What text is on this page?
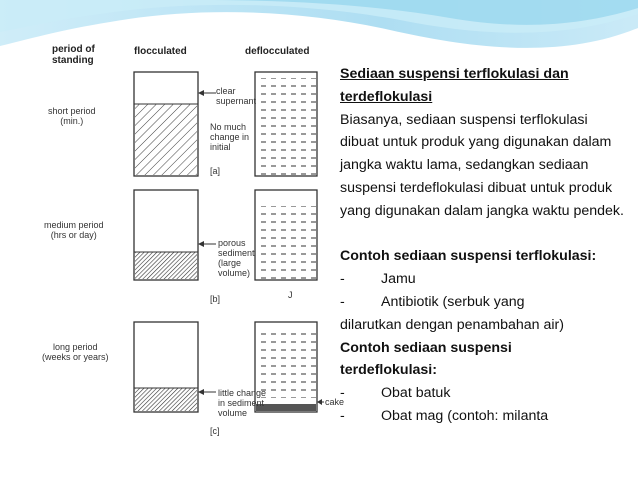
period of
standing
flocculated	deflocculated
short period
(min.)
clear
supernant
No much
change in
initial
[a]
medium period
(hrs or day)
porous
sediment
(large
volume)
[b]	J
long period
(weeks or years)
little change
in sediment
volume
cake
[c]

Sediaan suspensi terflokulasi dan terdeflokulasi

Biasanya, sediaan suspensi terflokulasi dibuat untuk produk yang digunakan dalam jangka waktu lama, sedangkan sediaan suspensi terdeflokulasi dibuat untuk produk yang digunakan dalam jangka waktu pendek.

Contoh sediaan suspensi terflokulasi:

-	Jamu
-	Antibiotik (serbuk yang

dilarutkan dengan penambahan air)

Contoh sediaan suspensi

terdeflokulasi:

-	Obat batuk
-	Obat mag (contoh: milanta
